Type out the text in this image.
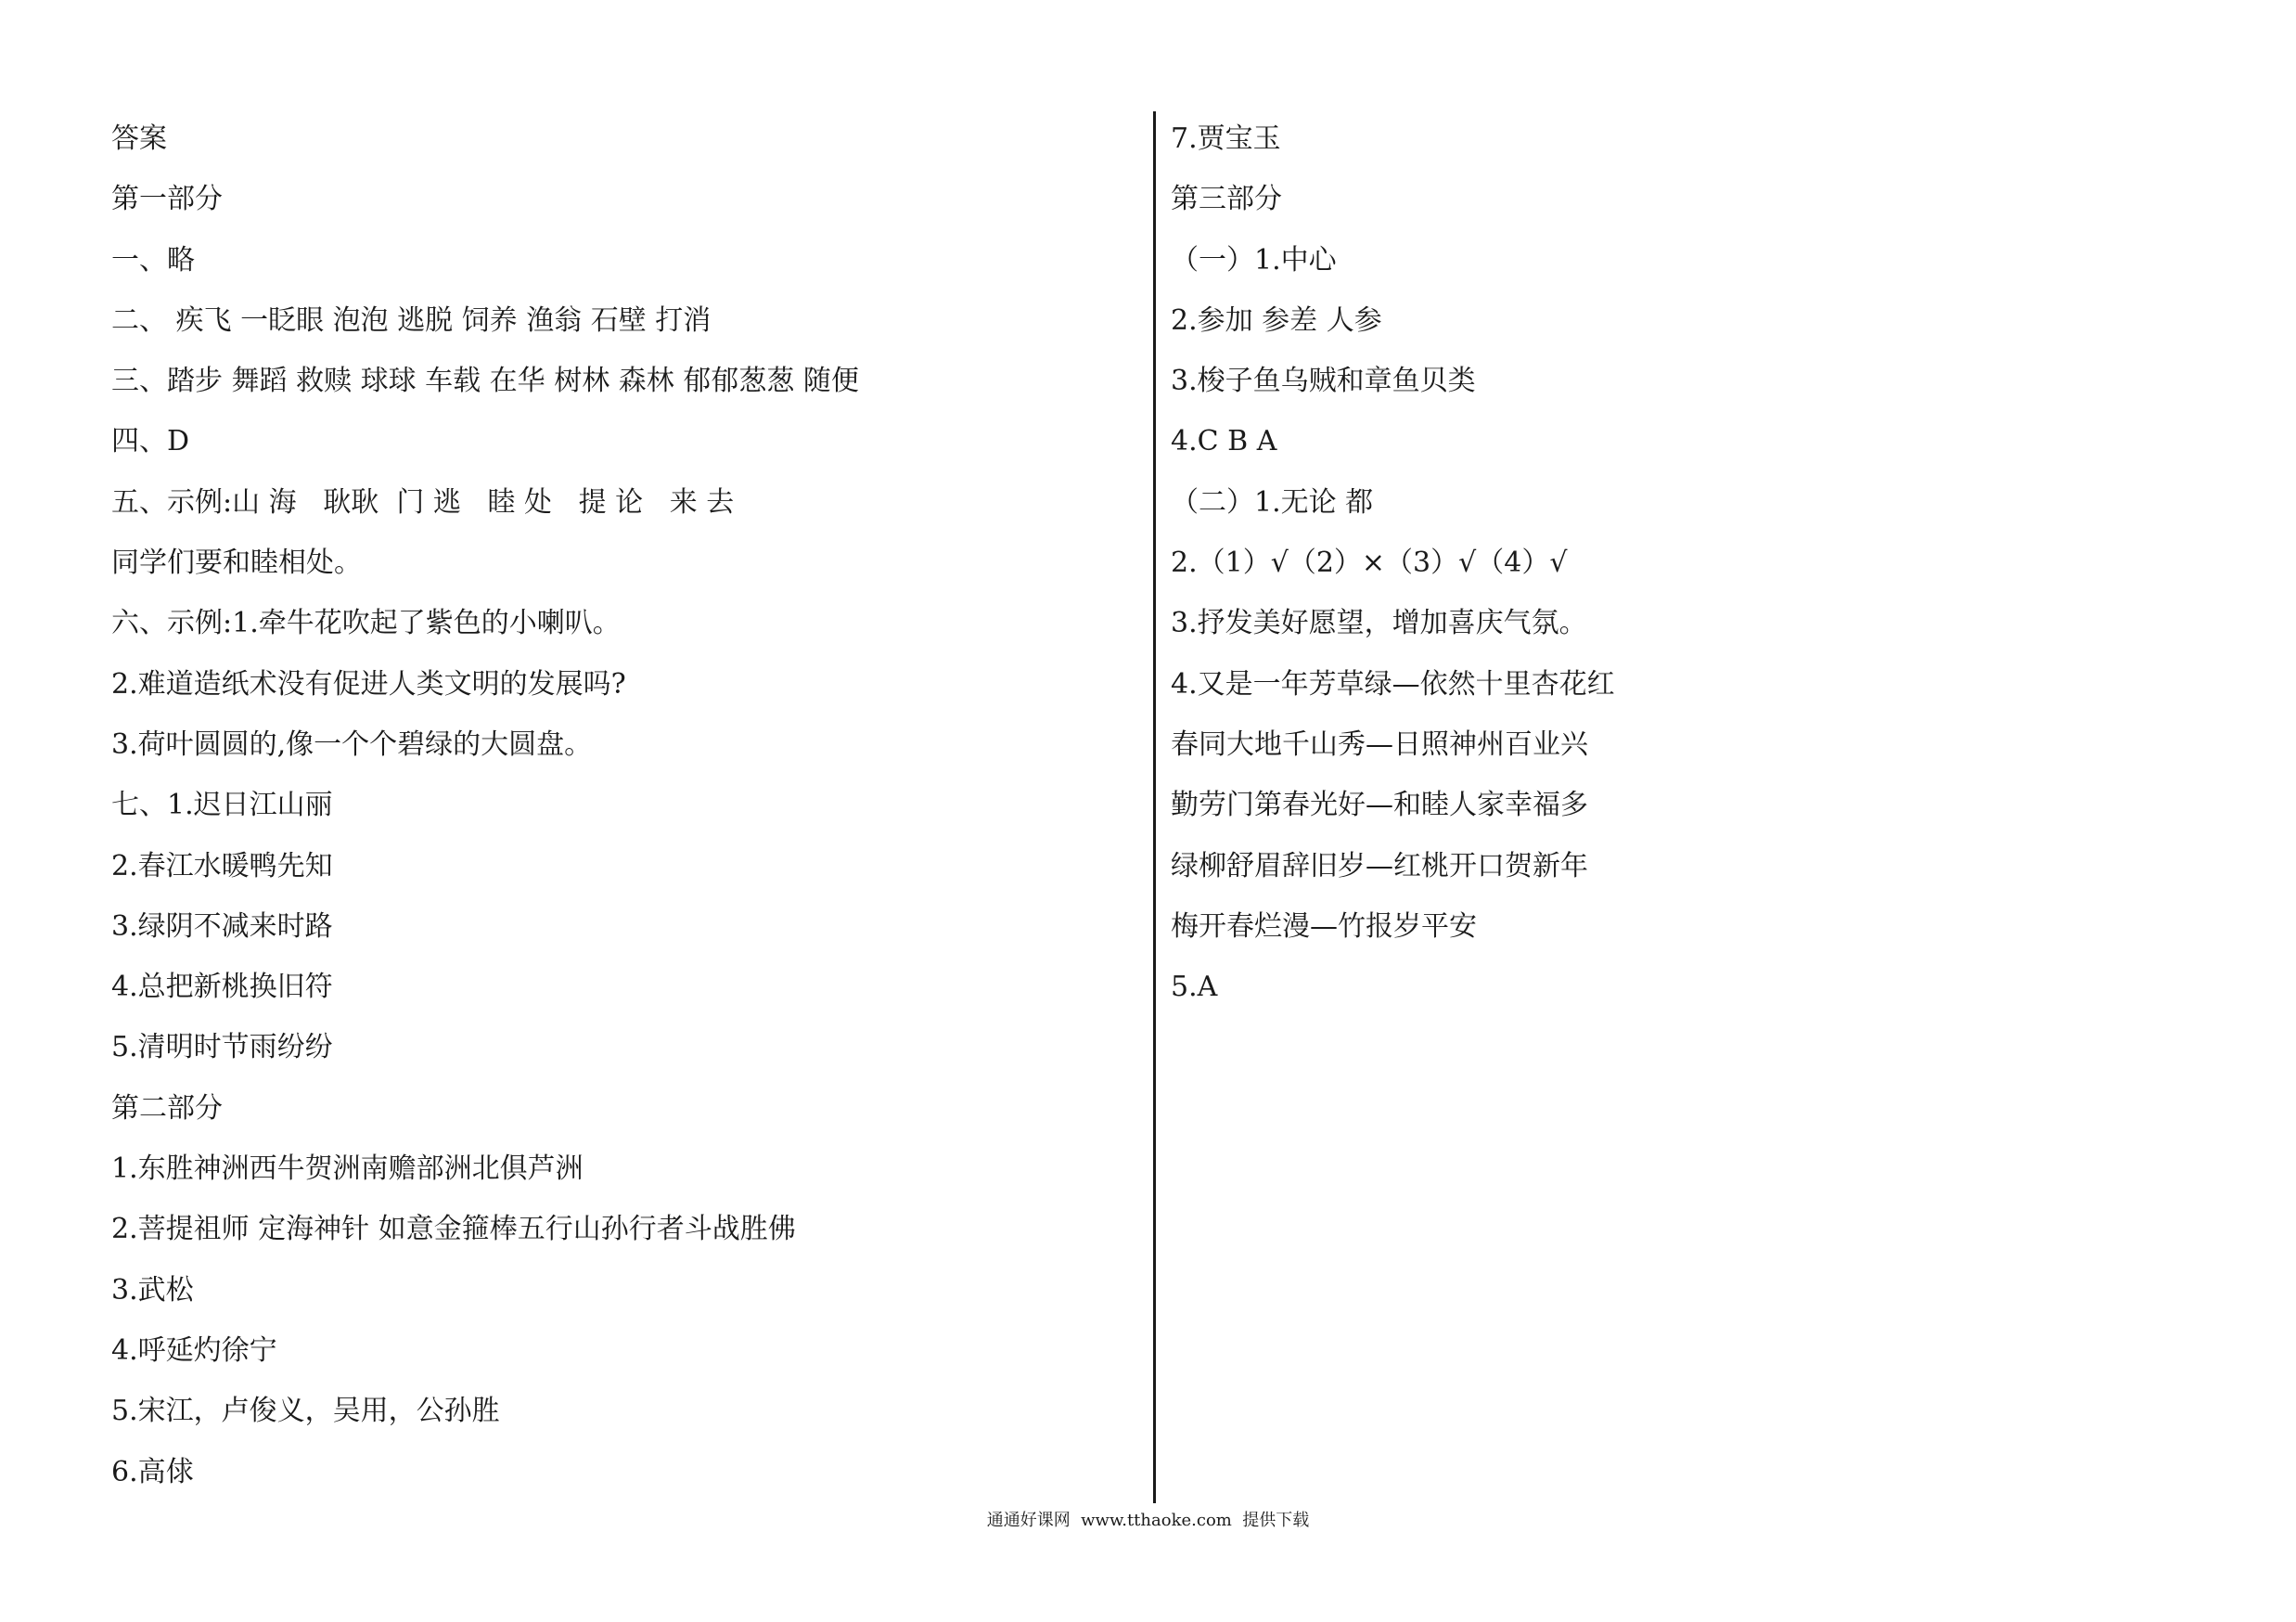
答案
第一部分
一、略
二、 疾飞 一眨眼 泡泡 逃脱 饲养 渔翁 石壁 打消
三、踏步 舞蹈 救赎 球球 车载 在华 树林 森林 郁郁葱葱 随便
四、D
五、示例:山 海   耿耿  门 逃   睦 处   提 论   来 去
同学们要和睦相处。
六、示例:1.牵牛花吹起了紫色的小喇叭。
2.难道造纸术没有促进人类文明的发展吗?
3.荷叶圆圆的,像一个个碧绿的大圆盘。
七、1.迟日江山丽
2.春江水暖鸭先知
3.绿阴不减来时路
4.总把新桃换旧符
5.清明时节雨纷纷
第二部分
1.东胜神洲西牛贺洲南赡部洲北俱芦洲
2.菩提祖师 定海神针 如意金箍棒五行山孙行者斗战胜佛
3.武松
4.呼延灼徐宁
5.宋江，卢俊义，吴用，公孙胜
6.高俅
7.贾宝玉
第三部分
（一）1.中心
2.参加 参差 人参
3.梭子鱼乌贼和章鱼贝类
4.C B A
（二）1.无论 都
2.（1）√（2）×（3）√（4）√
3.抒发美好愿望，增加喜庆气氛。
4.又是一年芳草绿—依然十里杏花红
春同大地千山秀—日照神州百业兴
勤劳门第春光好—和睦人家幸福多
绿柳舒眉辞旧岁—红桃开口贺新年
梅开春烂漫—竹报岁平安
5.A
通通好课网  www.tthaoke.com  提供下载
